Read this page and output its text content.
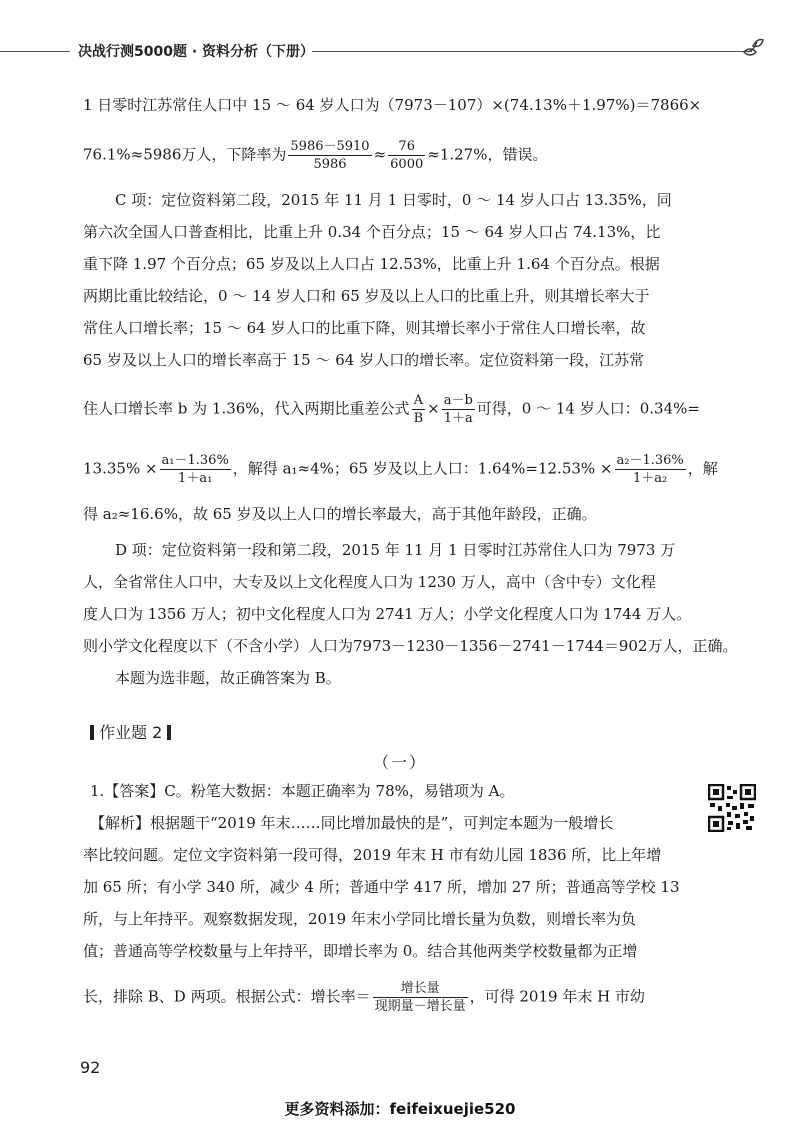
决战行测5000题 · 资料分析（下册）
1 日零时江苏常住人口中 15 ～ 64 岁人口为（7973－107）×(74.13%＋1.97%)＝7866×
76.1%≈5986万人，下降率为 $\frac{5986-5910}{5986} \approx \frac{76}{6000} \approx 1.27\%$，错误。
C 项：定位资料第二段，2015 年 11 月 1 日零时，0 ～ 14 岁人口占 13.35%，同
第六次全国人口普查相比，比重上升 0.34 个百分点；15 ～ 64 岁人口占 74.13%，比
重下降 1.97 个百分点；65 岁及以上人口占 12.53%，比重上升 1.64 个百分点。根据
两期比重比较结论，0 ～ 14 岁人口和 65 岁及以上人口的比重上升，则其增长率大于
常住人口增长率；15 ～ 64 岁人口的比重下降，则其增长率小于常住人口增长率，故
65 岁及以上人口的增长率高于 15 ～ 64 岁人口的增长率。定位资料第一段，江苏常
住人口增长率 b 为 1.36%，代入两期比重差公式 $\frac{A}{B} \times \frac{a-b}{1+a}$ 可得，0 ～ 14 岁人口：0.34%=
$13.35\% \times \frac{\text{a₁－1.36\%}}{\text{1＋a₁}}$ ，解得 a₁≈4%；65 岁及以上人口：$1.64\%=12.53\% \times \frac{\text{a₂－1.36\%}}{\text{1＋a₂}}$ ，解
得 a₂≈16.6%，故 65 岁及以上人口的增长率最大，高于其他年龄段，正确。
D 项：定位资料第一段和第二段，2015 年 11 月 1 日零时江苏常住人口为 7973 万
人，全省常住人口中，大专及以上文化程度人口为 1230 万人，高中（含中专）文化程
度人口为 1356 万人；初中文化程度人口为 2741 万人；小学文化程度人口为 1744 万人。
则小学文化程度以下（不含小学）人口为7973－1230－1356－2741－1744＝902万人，正确。
本题为选非题，故正确答案为 B。
作业题 2
（一）
1.【答案】C。粉笔大数据：本题正确率为 78%，易错项为 A。
【解析】根据题干“2019 年末……同比增加最快的是”，可判定本题为一般增长
率比较问题。定位文字资料第一段可得，2019 年末 H 市有幼儿园 1836 所，比上年增
加 65 所；有小学 340 所，减少 4 所；普通中学 417 所，增加 27 所；普通高等学校 13
所，与上年持平。观察数据发现，2019 年末小学同比增长量为负数，则增长率为负
值；普通高等学校数量与上年持平，即增长率为 0。结合其他两类学校数量都为正增
长，排除 B、D 两项。根据公式：增长率＝ $\frac{\text{增长量}}{\text{现期量－增长量}}$ ，可得 2019 年末 H 市幼
92
更多资料添加：feifeixuejie520
